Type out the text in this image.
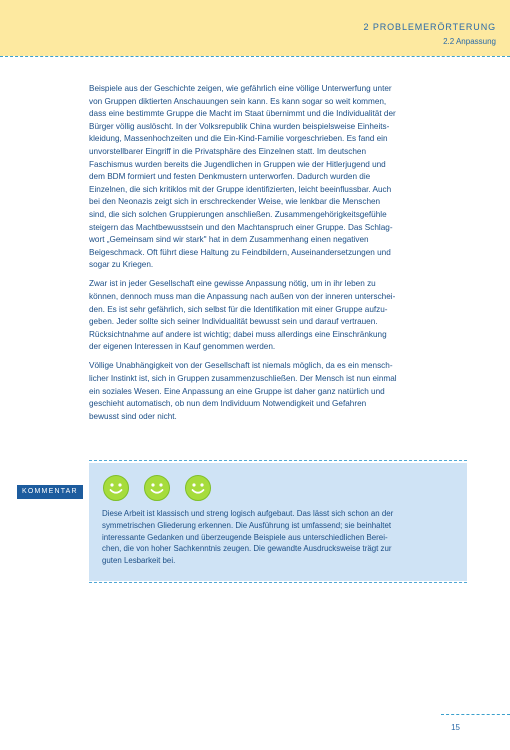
2 PROBLEMERÖRTERUNG
2.2 Anpassung

Beispiele aus der Geschichte zeigen, wie gefährlich eine völlige Unterwerfung unter
von Gruppen diktierten Anschauungen sein kann. Es kann sogar so weit kommen,
dass eine bestimmte Gruppe die Macht im Staat übernimmt und die Individualität der
Bürger völlig auslöscht. In der Volksrepublik China wurden beispielsweise Einheits-
kleidung, Massenhochzeiten und die Ein-Kind-Familie vorgeschrieben. Es fand ein
unvorstellbarer Eingriff in die Privatsphäre des Einzelnen statt. Im deutschen
Faschismus wurden bereits die Jugendlichen in Gruppen wie der Hitlerjugend und
dem BDM formiert und festen Denkmustern unterworfen. Dadurch wurden die
Einzelnen, die sich kritiklos mit der Gruppe identifizierten, leicht beeinflussbar. Auch
bei den Neonazis zeigt sich in erschreckender Weise, wie lenkbar die Menschen
sind, die sich solchen Gruppierungen anschließen. Zusammengehörigkeitsgefühle
steigern das Machtbewusstsein und den Machtanspruch einer Gruppe. Das Schlag-
wort „Gemeinsam sind wir stark" hat in dem Zusammenhang einen negativen
Beigeschmack. Oft führt diese Haltung zu Feindbildern, Auseinandersetzungen und
sogar zu Kriegen.

Zwar ist in jeder Gesellschaft eine gewisse Anpassung nötig, um in ihr leben zu
können, dennoch muss man die Anpassung nach außen von der inneren unterschei-
den. Es ist sehr gefährlich, sich selbst für die Identifikation mit einer Gruppe aufzu-
geben. Jeder sollte sich seiner Individualität bewusst sein und darauf vertrauen.
Rücksichtnahme auf andere ist wichtig; dabei muss allerdings eine Einschränkung
der eigenen Interessen in Kauf genommen werden.

Völlige Unabhängigkeit von der Gesellschaft ist niemals möglich, da es ein mensch-
licher Instinkt ist, sich in Gruppen zusammenzuschließen. Der Mensch ist nun einmal
ein soziales Wesen. Eine Anpassung an eine Gruppe ist daher ganz natürlich und
geschieht automatisch, ob nun dem Individuum Notwendigkeit und Gefahren
bewusst sind oder nicht.

KOMMENTAR
Diese Arbeit ist klassisch und streng logisch aufgebaut. Das lässt sich schon an der
symmetrischen Gliederung erkennen. Die Ausführung ist umfassend; sie beinhaltet
interessante Gedanken und überzeugende Beispiele aus unterschiedlichen Berei-
chen, die von hoher Sachkenntnis zeugen. Die gewandte Ausdrucksweise trägt zur
guten Lesbarkeit bei.
15
